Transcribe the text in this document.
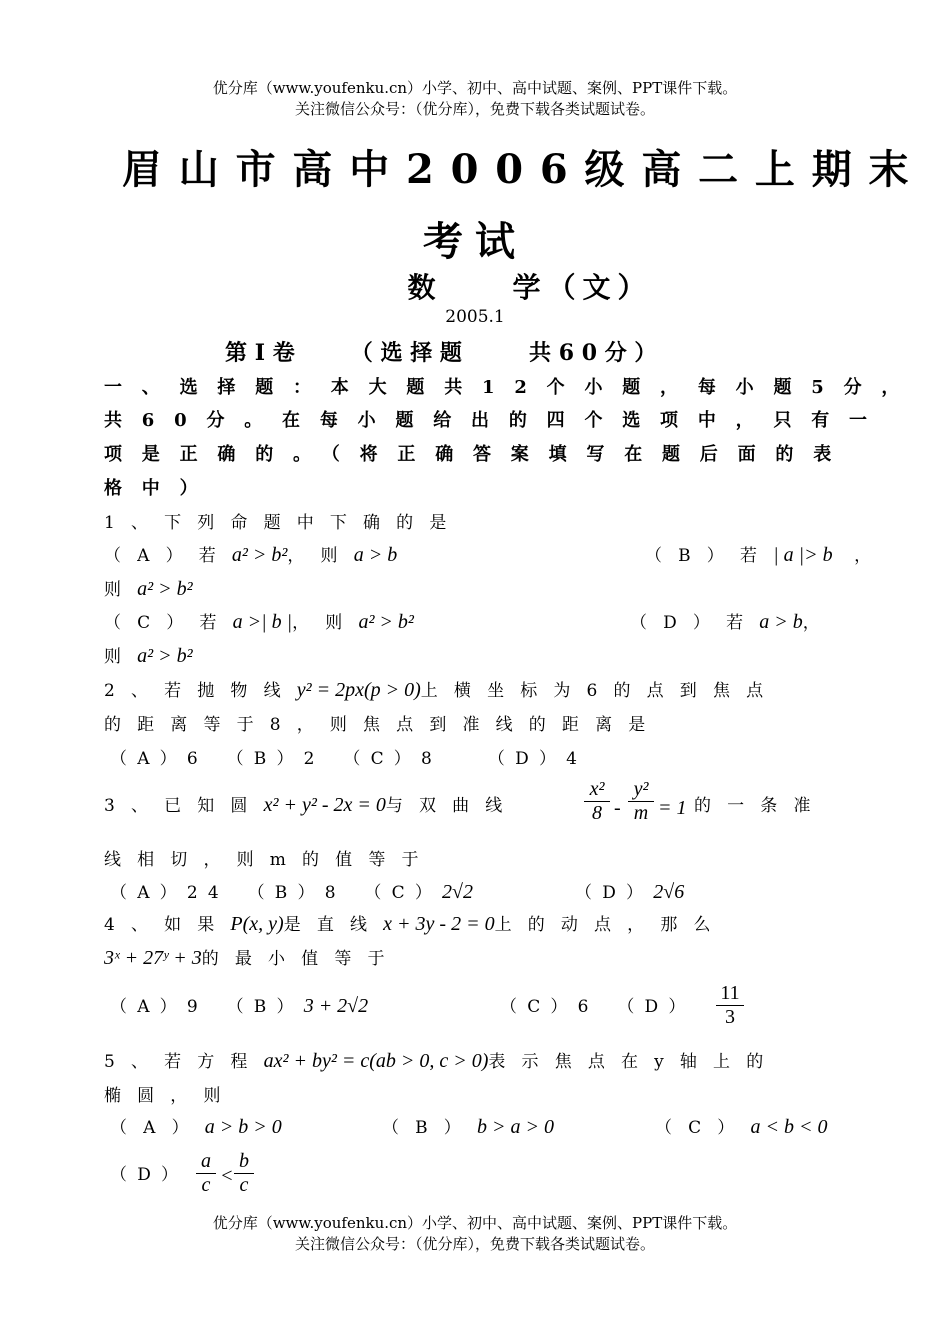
优分库（www.youfenku.cn）小学、初中、高中试题、案例、PPT课件下载。
关注微信公众号：（优分库），免费下载各类试题试卷。
眉山市高中2006级高二上期末
考试
数　　学（文）
2005.1
第Ⅰ卷　　（选择题　　共60分）
一、选择题：本大题共12个小题，每小题5分，
共60分。在每小题给出的四个选项中，只有一
项是正确的。（将正确答案填写在题后面的表
格中）
1、下列命题中下确的是
（A）若a² > b²，则a > b	（B）若| a |> b ，
则a² > b²
（C）若a >| b |，则a² > b²	（D）若a > b，
则a² > b²
2、若抛物线y² = 2px(p > 0)上横坐标为6的点到焦点
的距离等于8，则焦点到准线的距离是
（A）6　（B）2　（C）8　　（D）4
3、已知圆x² + y² - 2x = 0与双曲线	$\frac{\text{x²}}{8} - \frac{\text{y²}}{m} = 1$ 的一条准
线相切，则m的值等于
（A）24　（B）8　（C）2√2	（D）2√6
4、如果P(x, y)是直线x + 3y - 2 = 0上的动点，那么
3ˣ + 27ʸ + 3的最小值等于
（A）9　（B）3 + 2√2	（C）6　$(D) \frac{11}{3}$
5、若方程ax² + by² = c(ab > 0, c > 0)表示焦点在y轴上的
椭圆，则
（A）a > b > 0	（B）b > a > 0	（C）a < b < 0
$(D) \frac{a}{c} < \frac{b}{c}$
优分库（www.youfenku.cn）小学、初中、高中试题、案例、PPT课件下载。
关注微信公众号：（优分库），免费下载各类试题试卷。
